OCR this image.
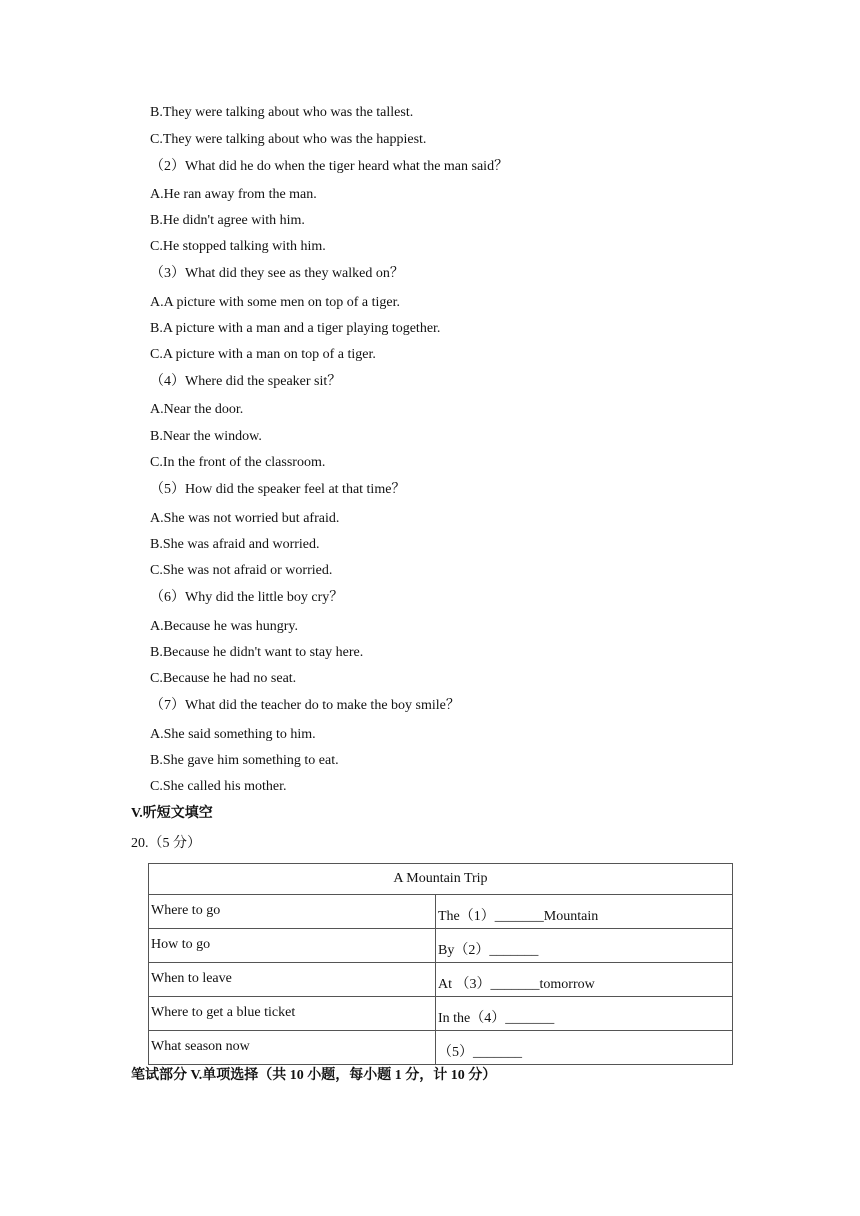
B.They were talking about who was the tallest.
C.They were talking about who was the happiest.
（2）What did he do when the tiger heard what the man said？
A.He ran away from the man.
B.He didn't agree with him.
C.He stopped talking with him.
（3）What did they see as they walked on？
A.A picture with some men on top of a tiger.
B.A picture with a man and a tiger playing together.
C.A picture with a man on top of a tiger.
（4）Where did the speaker sit？
A.Near the door.
B.Near the window.
C.In the front of the classroom.
（5）How did the speaker feel at that time？
A.She was not worried but afraid.
B.She was afraid and worried.
C.She was not afraid or worried.
（6）Why did the little boy cry？
A.Because he was hungry.
B.Because he didn't want to stay here.
C.Because he had no seat.
（7）What did the teacher do to make the boy smile？
A.She said something to him.
B.She gave him something to eat.
C.She called his mother.
V.听短文填空
20.（5 分）
A Mountain Trip	
Where to go	The（1）_______Mountain
How to go	By（2）_______
When to leave	At （3）_______tomorrow
Where to get a blue ticket	In the（4）_______
What season now	（5）_______
笔试部分 V.单项选择（共 10 小题，每小题 1 分，计 10 分）
